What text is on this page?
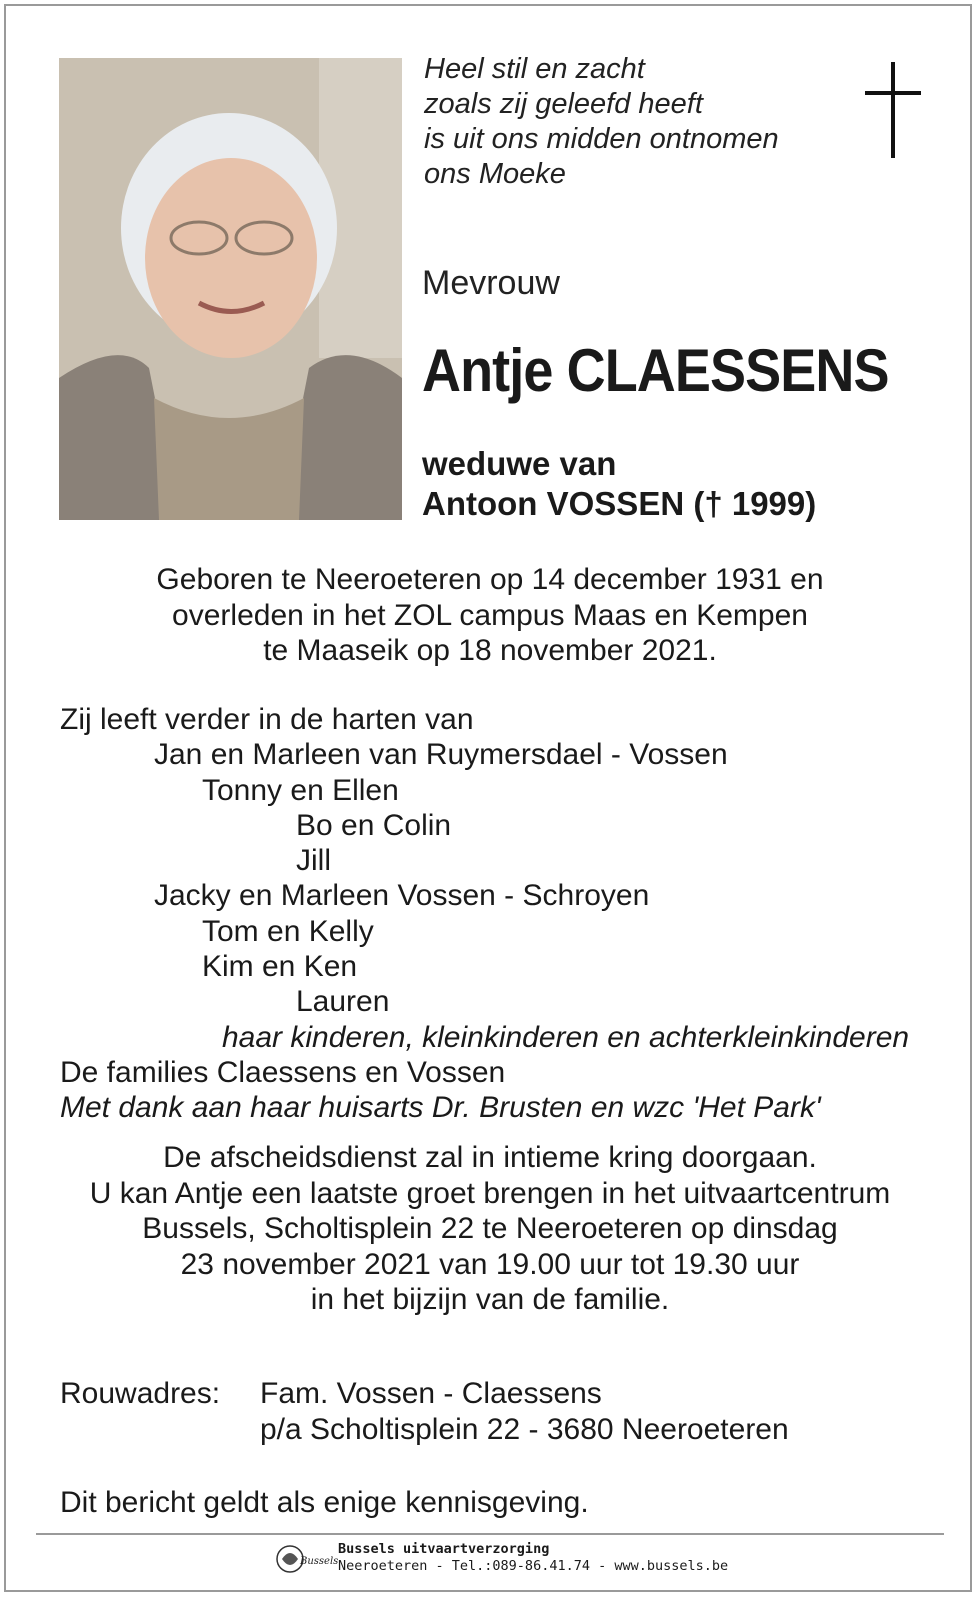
Heel stil en zacht
zoals zij geleefd heeft
is uit ons midden ontnomen
ons Moeke
Mevrouw
Antje CLAESSENS
weduwe van
Antoon VOSSEN († 1999)
Geboren te Neeroeteren op 14 december 1931 en
overleden in het ZOL campus Maas en Kempen
te Maaseik op 18 november 2021.
Zij leeft verder in de harten van
Jan en Marleen van Ruymersdael - Vossen
Tonny en Ellen
Bo en Colin
Jill
Jacky en Marleen Vossen - Schroyen
Tom en Kelly
Kim en Ken
Lauren
haar kinderen, kleinkinderen en achterkleinkinderen
De families Claessens en Vossen
Met dank aan haar huisarts Dr. Brusten en wzc 'Het Park'
De afscheidsdienst zal in intieme kring doorgaan.
U kan Antje een laatste groet brengen in het uitvaartcentrum
Bussels, Scholtisplein 22 te Neeroeteren op dinsdag
23 november 2021 van 19.00 uur tot 19.30 uur
in het bijzijn van de familie.
Rouwadres:	Fam. Vossen - Claessens
p/a Scholtisplein 22 - 3680 Neeroeteren
Dit bericht geldt als enige kennisgeving.
Bussels
Bussels uitvaartverzorging
Neeroeteren - Tel.:089-86.41.74 - www.bussels.be
